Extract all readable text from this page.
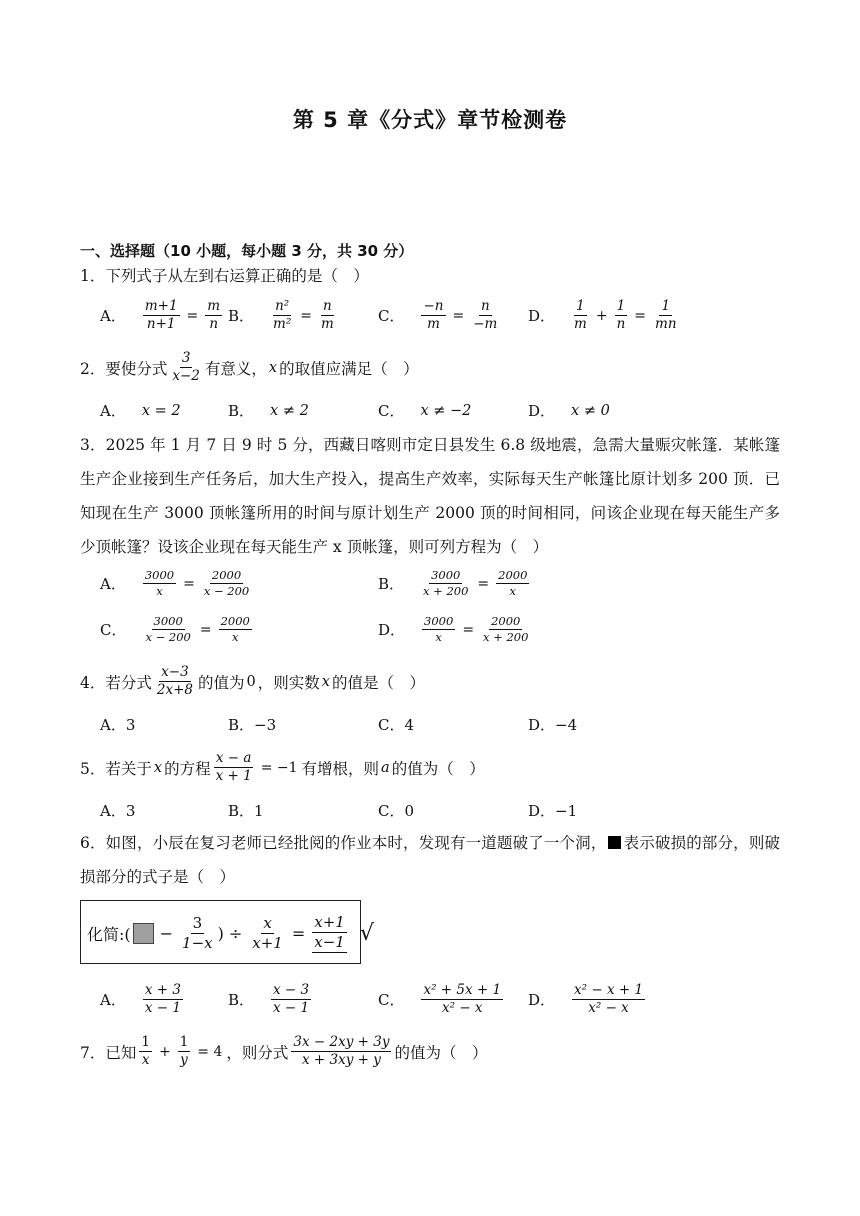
第 5 章《分式》章节检测卷
一、选择题（10 小题，每小题 3 分，共 30 分）
1．下列式子从左到右运算正确的是（　）
A． $\frac{m+1}{n+1} = \frac{m}{n}$ B． $\frac{\text{n²}}{\text{m²}} = \frac{n}{m}$	C． $\frac{-n}{m} = \frac{n}{-m}$ D． $\frac{1}{m} + \frac{1}{n} = \frac{1}{mn}$
2．要使分式 $\frac{3}{x-2}$ 有意义， x 的取值应满足（　）
A． x = 2	B． x ≠ 2	C． x ≠ −2	D． x ≠ 0
3．2025 年 1 月 7 日 9 时 5 分，西藏日喀则市定日县发生 6.8 级地震，急需大量赈灾帐篷．某帐篷生产企业接到生产任务后，加大生产投入，提高生产效率，实际每天生产帐篷比原计划多 200 顶．已知现在生产 3000 顶帐篷所用的时间与原计划生产 2000 顶的时间相同，问该企业现在每天能生产多少顶帐篷？设该企业现在每天能生产 x 顶帐篷，则可列方程为（　）
A． $\frac{3000}{x} = \frac{2000}{x - 200}$	B． $\frac{3000}{x + 200} = \frac{2000}{x}$
C． $\frac{3000}{x - 200} = \frac{2000}{x}$	D． $\frac{3000}{x} = \frac{2000}{x + 200}$
4．若分式 $\frac{x-3}{2x+8}$ 的值为 0 ，则实数 x 的值是（　）
A．3	B．−3	C．4	D．−4
5．若关于 x 的方程 $\frac{x - a}{x + 1} = -1$ 有增根，则 a 的值为（　）
A．3	B．1	C．0	D．−1
6．如图，小辰在复习老师已经批阅的作业本时，发现有一道题破了一个洞， 表示破损的部分，则破损部分的式子是（　）
化简:( − $\frac{3}{1-x}$ ) ÷ $\frac{x}{x+1} = \frac{x+1}{x-1}$ √
A． $\frac{x + 3}{x - 1}$	B． $\frac{x - 3}{x - 1}$	C． $\frac{\text{x² + 5x + 1}}{\text{x² − x}}$ D． $\frac{\text{x² − x + 1}}{\text{x² − x}}$
7．已知 $\frac{1}{x} + \frac{1}{y} = 4$ ，则分式 $\frac{3x - 2xy + 3y}{x + 3xy + y}$ 的值为（　）
